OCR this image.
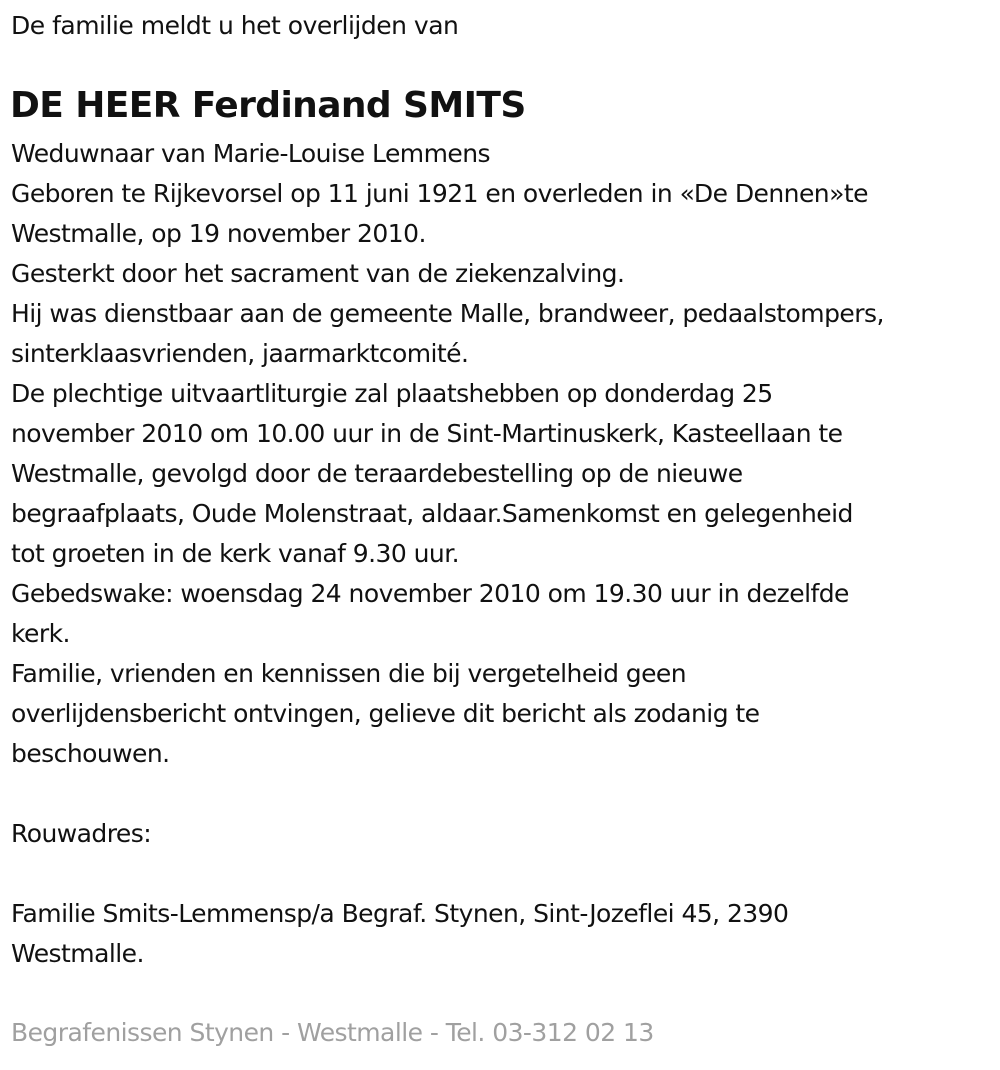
De familie meldt u het overlijden van
DE HEER Ferdinand SMITS
Weduwnaar van Marie-Louise Lemmens
Geboren te Rijkevorsel op 11 juni 1921 en overleden in «De Dennen»te
Westmalle, op 19 november 2010.
Gesterkt door het sacrament van de ziekenzalving.
Hij was dienstbaar aan de gemeente Malle, brandweer, pedaalstompers,
sinterklaasvrienden, jaarmarktcomité.
De plechtige uitvaartliturgie zal plaatshebben op donderdag 25
november 2010 om 10.00 uur in de Sint-Martinuskerk, Kasteellaan te
Westmalle, gevolgd door de teraardebestelling op de nieuwe
begraafplaats, Oude Molenstraat, aldaar.Samenkomst en gelegenheid
tot groeten in de kerk vanaf 9.30 uur.
Gebedswake: woensdag 24 november 2010 om 19.30 uur in dezelfde
kerk.
Familie, vrienden en kennissen die bij vergetelheid geen
overlijdensbericht ontvingen, gelieve dit bericht als zodanig te
beschouwen.
Rouwadres:
Familie Smits-Lemmensp/a Begraf. Stynen, Sint-Jozeflei 45, 2390
Westmalle.
Begrafenissen Stynen - Westmalle - Tel. 03-312 02 13
